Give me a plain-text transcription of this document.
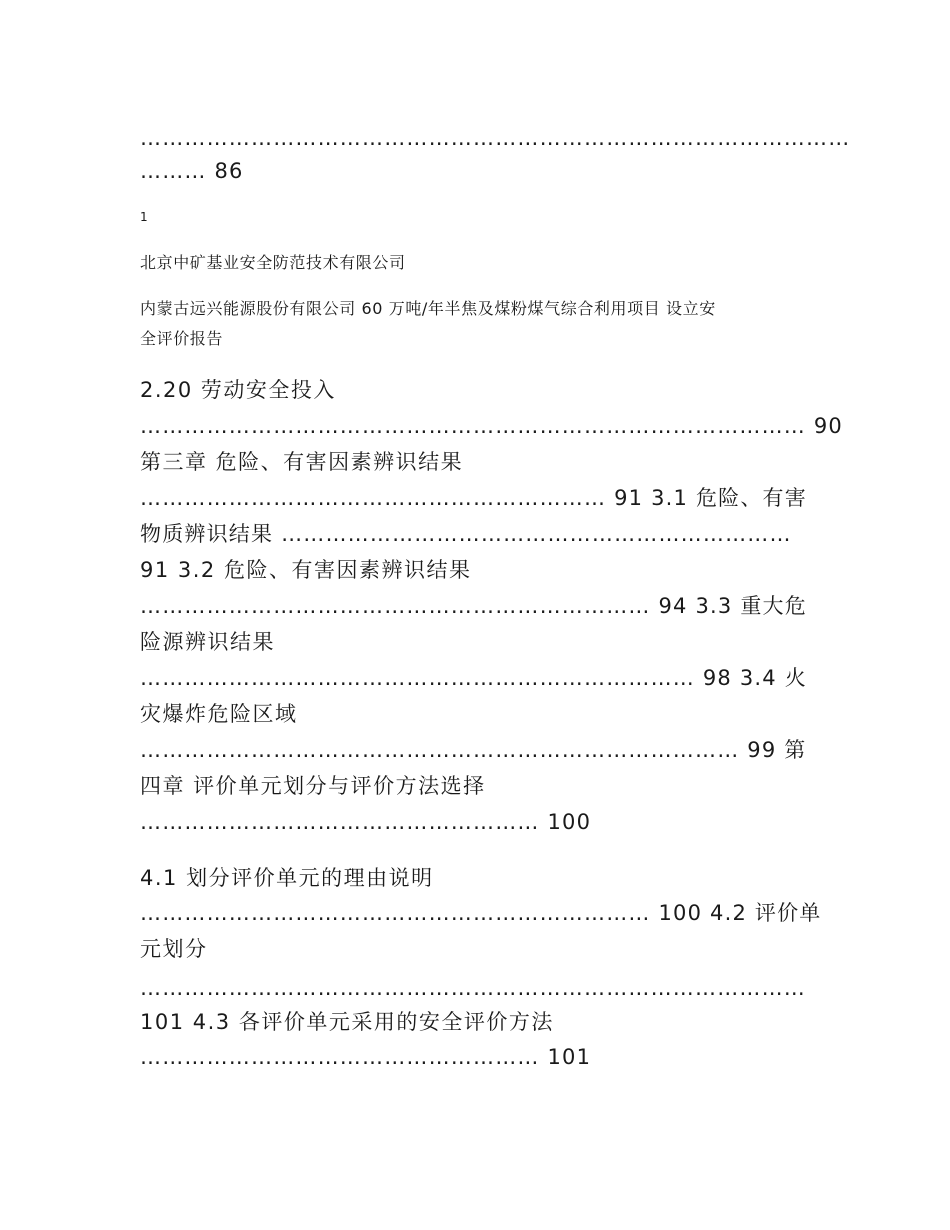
……………………………………………………………………………………
……… 86
1
北京中矿基业安全防范技术有限公司
内蒙古远兴能源股份有限公司 60 万吨/年半焦及煤粉煤气综合利用项目 设立安
全评价报告
2.20 劳动安全投入
……………………………………………………………………………… 90
第三章 危险、有害因素辨识结果
……………………………………………………… 91 3.1 危险、有害
物质辨识结果 ……………………………………………………………
91 3.2 危险、有害因素辨识结果
…………………………………………………………… 94 3.3 重大危
险源辨识结果
………………………………………………………………… 98 3.4 火
灾爆炸危险区域
……………………………………………………………………… 99 第
四章 评价单元划分与评价方法选择
……………………………………………… 100
4.1 划分评价单元的理由说明
…………………………………………………………… 100 4.2 评价单
元划分
………………………………………………………………………………
101 4.3 各评价单元采用的安全评价方法
……………………………………………… 101
